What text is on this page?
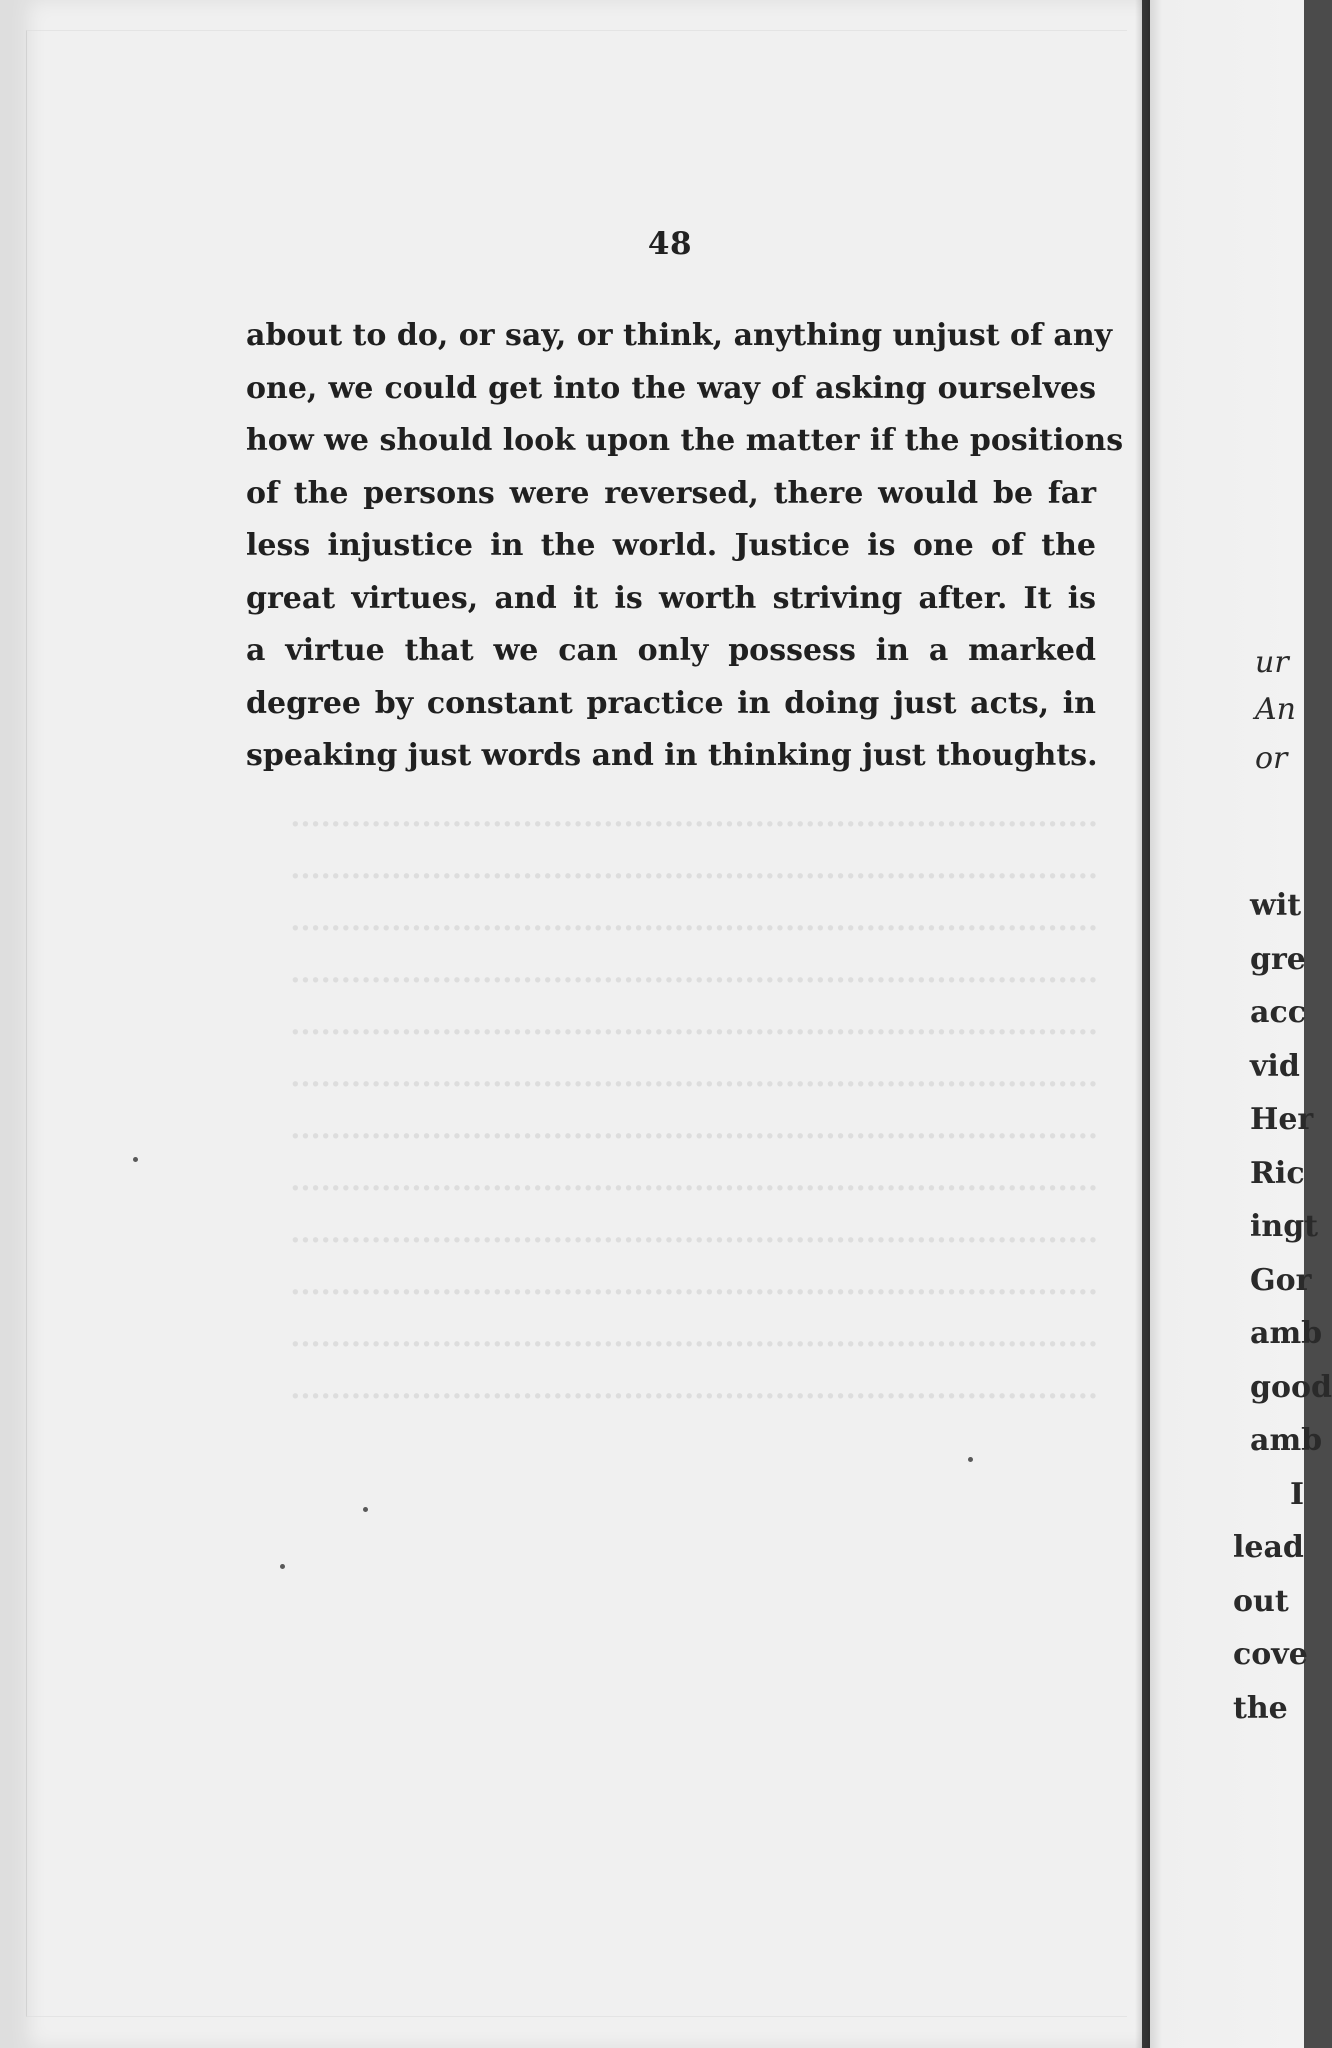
48
about to do, or say, or think, anything unjust of any
one, we could get into the way of asking ourselves
how we should look upon the matter if the positions
of the persons were reversed, there would be far
less injustice in the world. Justice is one of the
great virtues, and it is worth striving after. It is
a virtue that we can only possess in a marked
degree by constant practice in doing just acts, in
speaking just words and in thinking just thoughts.
................................................................................
................................................................................
................................................................................
................................................................................
................................................................................
................................................................................
................................................................................
................................................................................
................................................................................
................................................................................
................................................................................
................................................................................
ur
An
or
wit
gre
acc
vid
Her
Ric
ingt
Gor
amb
good
amb
I
lead
out
cove
the
